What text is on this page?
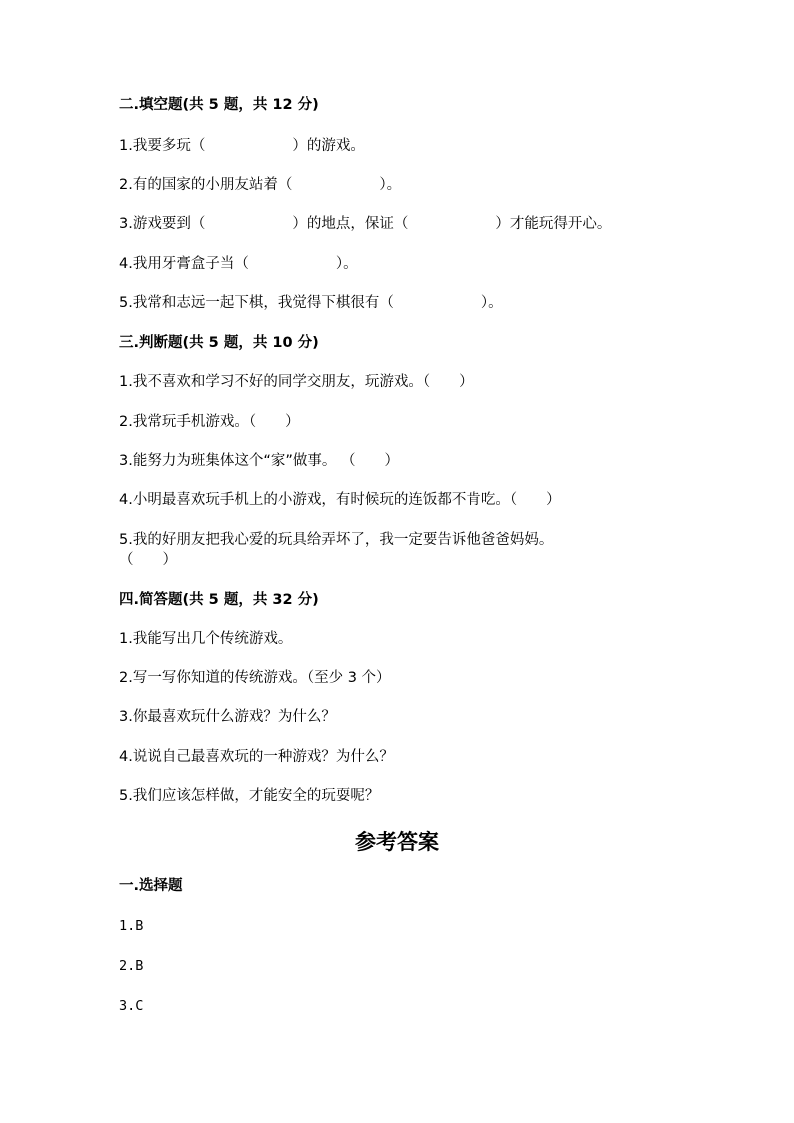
二.填空题(共 5 题，共 12 分)
1.我要多玩（　　　　　　）的游戏。
2.有的国家的小朋友站着（　　　　　　）。
3.游戏要到（　　　　　　）的地点，保证（　　　　　　）才能玩得开心。
4.我用牙膏盒子当（　　　　　　）。
5.我常和志远一起下棋，我觉得下棋很有（　　　　　　）。
三.判断题(共 5 题，共 10 分)
1.我不喜欢和学习不好的同学交朋友，玩游戏。（　　）
2.我常玩手机游戏。（　　）
3.能努力为班集体这个“家”做事。 （　　）
4.小明最喜欢玩手机上的小游戏，有时候玩的连饭都不肯吃。（　　）
5.我的好朋友把我心爱的玩具给弄坏了，我一定要告诉他爸爸妈妈。
（　　）
四.简答题(共 5 题，共 32 分)
1.我能写出几个传统游戏。
2.写一写你知道的传统游戏。（至少 3 个）
3.你最喜欢玩什么游戏？为什么？
4.说说自己最喜欢玩的一种游戏？为什么？
5.我们应该怎样做，才能安全的玩耍呢？
参考答案
一.选择题
1.B
2.B
3.C
